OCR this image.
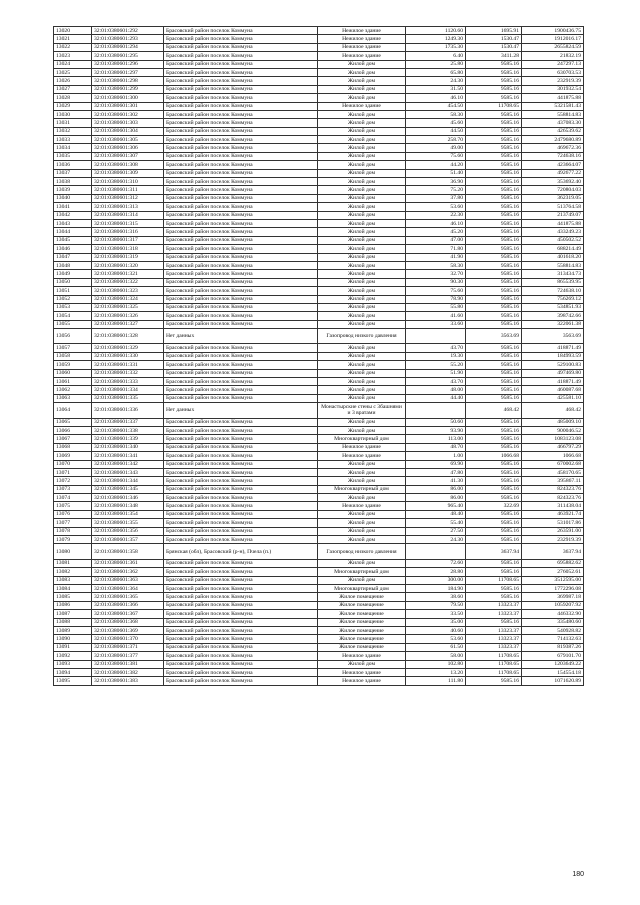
13020	32:01:0380601:292	Брасовский район поселок Коммуна	Нежилое здание	1120.60	1695.91	1900436.75
13021	32:01:0380601:293	Брасовский район поселок Коммуна	Нежилое здание	1249.30	1530.47	1912016.17
13022	32:01:0380601:294	Брасовский район поселок Коммуна	Нежилое здание	1735.30	1530.47	2655824.59
13023	32:01:0380601:295	Брасовский район поселок Коммуна	Нежилое здание	6.40	3411.28	21832.19
13024	32:01:0380601:296	Брасовский район поселок Коммуна	Жилой дом	25.80	9585.16	247297.13
13025	32:01:0380601:297	Брасовский район поселок Коммуна	Жилой дом	65.80	9585.16	630703.53
13026	32:01:0380601:298	Брасовский район поселок Коммуна	Жилой дом	24.30	9585.16	232919.39
13027	32:01:0380601:299	Брасовский район поселок Коммуна	Жилой дом	31.50	9585.16	301932.54
13028	32:01:0380601:300	Брасовский район поселок Коммуна	Жилой дом	46.10	9585.16	441875.88
13029	32:01:0380601:301	Брасовский район поселок Коммуна	Нежилое здание	454.50	11708.65	5321581.43
13030	32:01:0380601:302	Брасовский район поселок Коммуна	Жилой дом	58.30	9585.16	558814.83
13031	32:01:0380601:303	Брасовский район поселок Коммуна	Жилой дом	45.60	9585.16	437083.30
13032	32:01:0380601:304	Брасовский район поселок Коммуна	Жилой дом	44.50	9585.16	426539.62
13033	32:01:0380601:305	Брасовский район поселок Коммуна	Жилой дом	258.70	9585.16	2479680.89
13034	32:01:0380601:306	Брасовский район поселок Коммуна	Жилой дом	49.00	9585.16	469672.36
13035	32:01:0380601:307	Брасовский район поселок Коммуна	Жилой дом	75.60	9585.16	724638.16
13036	32:01:0380601:308	Брасовский район поселок Коммуна	Жилой дом	44.20	9585.16	423664.07
13037	32:01:0380601:309	Брасовский район поселок Коммуна	Жилой дом	51.40	9585.16	492677.22
13038	32:01:0380601:310	Брасовский район поселок Коммуна	Жилой дом	36.90	9585.16	353692.40
13039	32:01:0380601:311	Брасовский район поселок Коммуна	Жилой дом	75.20	9585.16	720804.03
13040	32:01:0380601:312	Брасовский район поселок Коммуна	Жилой дом	37.80	9585.16	362319.05
13041	32:01:0380601:313	Брасовский район поселок Коммуна	Жилой дом	53.60	9585.16	513764.58
13042	32:01:0380601:314	Брасовский район поселок Коммуна	Жилой дом	22.30	9585.16	213749.07
13043	32:01:0380601:315	Брасовский район поселок Коммуна	Жилой дом	46.10	9585.16	441875.88
13044	32:01:0380601:316	Брасовский район поселок Коммуна	Жилой дом	45.20	9585.16	433249.23
13045	32:01:0380601:317	Брасовский район поселок Коммуна	Жилой дом	47.00	9585.16	450502.52
13046	32:01:0380601:318	Брасовский район поселок Коммуна	Жилой дом	71.80	9585.16	688214.49
13047	32:01:0380601:319	Брасовский район поселок Коммуна	Жилой дом	41.90	9585.16	401618.20
13048	32:01:0380601:320	Брасовский район поселок Коммуна	Жилой дом	58.30	9585.16	558814.83
13049	32:01:0380601:321	Брасовский район поселок Коммуна	Жилой дом	32.70	9585.16	313434.73
13050	32:01:0380601:322	Брасовский район поселок Коммуна	Жилой дом	90.30	9585.16	865539.95
13051	32:01:0380601:323	Брасовский район поселок Коммуна	Жилой дом	75.60	9585.16	724638.10
13052	32:01:0380601:324	Брасовский район поселок Коммуна	Жилой дом	78.90	9585.16	756269.12
13053	32:01:0380601:325	Брасовский район поселок Коммуна	Жилой дом	55.80	9585.16	534851.93
13054	32:01:0380601:326	Брасовский район поселок Коммуна	Жилой дом	41.60	9585.16	398742.66
13055	32:01:0380601:327	Брасовский район поселок Коммуна	Жилой дом	33.60	9585.16	322061.38
13056	32:01:0380601:328	Нет данных	Газопровод низкого давления		3563.69	3563.69
13057	32:01:0380601:329	Брасовский район поселок Коммуна	Жилой дом	43.70	9585.16	418871.49
13058	32:01:0380601:330	Брасовский район поселок Коммуна	Жилой дом	19.30	9585.16	184993.59
13059	32:01:0380601:331	Брасовский район поселок Коммуна	Жилой дом	55.20	9585.16	529100.83
13060	32:01:0380601:332	Брасовский район поселок Коммуна	Жилой дом	51.90	9585.16	497469.80
13061	32:01:0380601:333	Брасовский район поселок Коммуна	Жилой дом	43.70	9585.16	418871.49
13062	32:01:0380601:334	Брасовский район поселок Коммуна	Жилой дом	48.00	9585.16	460087.68
13063	32:01:0380601:335	Брасовский район поселок Коммуна	Жилой дом	44.40	9585.16	425581.10
13064	32:01:0380601:336	Нет данных	Монастырские стены с 3башнями и 3 вратами		468.42	468.42
13065	32:01:0380601:337	Брасовский район поселок Коммуна	Жилой дом	50.60	9585.16	485009.10
13066	32:01:0380601:338	Брасовский район поселок Коммуна	Жилой дом	93.90	9585.16	900046.52
13067	32:01:0380601:339	Брасовский район поселок Коммуна	Многоквартирный дом	113.00	9585.16	1083123.08
13068	32:01:0380601:340	Брасовский район поселок Коммуна	Нежилое здание	48.70	9585.16	466797.29
13069	32:01:0380601:341	Брасовский район поселок Коммуна	Нежилое здание	1.00	1066.68	1066.68
13070	32:01:0380601:342	Брасовский район поселок Коммуна	Жилой дом	69.90	9585.16	670002.68
13071	32:01:0380601:343	Брасовский район поселок Коммуна	Жилой дом	47.80	9585.16	458170.65
13072	32:01:0380601:344	Брасовский район поселок Коммуна	Жилой дом	41.30	9585.16	395867.11
13073	32:01:0380601:345	Брасовский район поселок Коммуна	Многоквартирный дом	86.00	9585.16	824323.76
13074	32:01:0380601:346	Брасовский район поселок Коммуна	Жилой дом	86.00	9585.16	824323.76
13075	32:01:0380601:348	Брасовский район поселок Коммуна	Нежилое здание	965.40	322.69	311438.04
13076	32:01:0380601:354	Брасовский район поселок Коммуна	Жилой дом	48.40	9585.16	463921.74
13077	32:01:0380601:355	Брасовский район поселок Коммуна	Жилой дом	55.40	9585.16	531017.86
13078	32:01:0380601:356	Брасовский район поселок Коммуна	Жилой дом	27.50	9585.16	263591.00
13079	32:01:0380601:357	Брасовский район поселок Коммуна	Жилой дом	24.30	9585.16	232919.39
13080	32:01:0380601:358	Брянская (обл), Брасовский (р-н), Пчела (п.)	Газопровод низкого давления		3637.94	3637.94
13081	32:01:0380601:361	Брасовский район поселок Коммуна	Жилой дом	72.60	9585.16	695882.62
13082	32:01:0380601:362	Брасовский район поселок Коммуна	Многоквартирный дом	28.80	9585.16	276052.61
13083	32:01:0380601:363	Брасовский район поселок Коммуна	Жилой дом	300.00	11708.65	3512595.00
13084	32:01:0380601:364	Брасовский район поселок Коммуна	Многоквартирный дом	184.90	9585.16	1772296.08
13085	32:01:0380601:365	Брасовский район поселок Коммуна	Жилое помещение	38.60	9585.16	369987.18
13086	32:01:0380601:366	Брасовский район поселок Коммуна	Жилое помещение	79.50	13323.37	1059207.92
13087	32:01:0380601:367	Брасовский район поселок Коммуна	Жилое помещение	33.50	13323.37	446332.90
13088	32:01:0380601:368	Брасовский район поселок Коммуна	Жилое помещение	35.00	9585.16	335480.60
13089	32:01:0380601:369	Брасовский район поселок Коммуна	Жилое помещение	40.60	13323.37	540928.82
13090	32:01:0380601:370	Брасовский район поселок Коммуна	Жилое помещение	53.60	13323.37	714132.63
13091	32:01:0380601:371	Брасовский район поселок Коммуна	Жилое помещение	61.50	13323.37	819387.26
13092	32:01:0380601:377	Брасовский район поселок Коммуна	Нежилое здание	58.00	11708.65	679101.70
13093	32:01:0380601:381	Брасовский район поселок Коммуна	Жилой дом	102.80	11708.65	1203649.22
13094	32:01:0380601:382	Брасовский район поселок Коммуна	Нежилое здание	13.20	11708.65	154554.18
13095	32:01:0380601:383	Брасовский район поселок Коммуна	Нежилое здание	111.80	9585.16	1071620.89
180
